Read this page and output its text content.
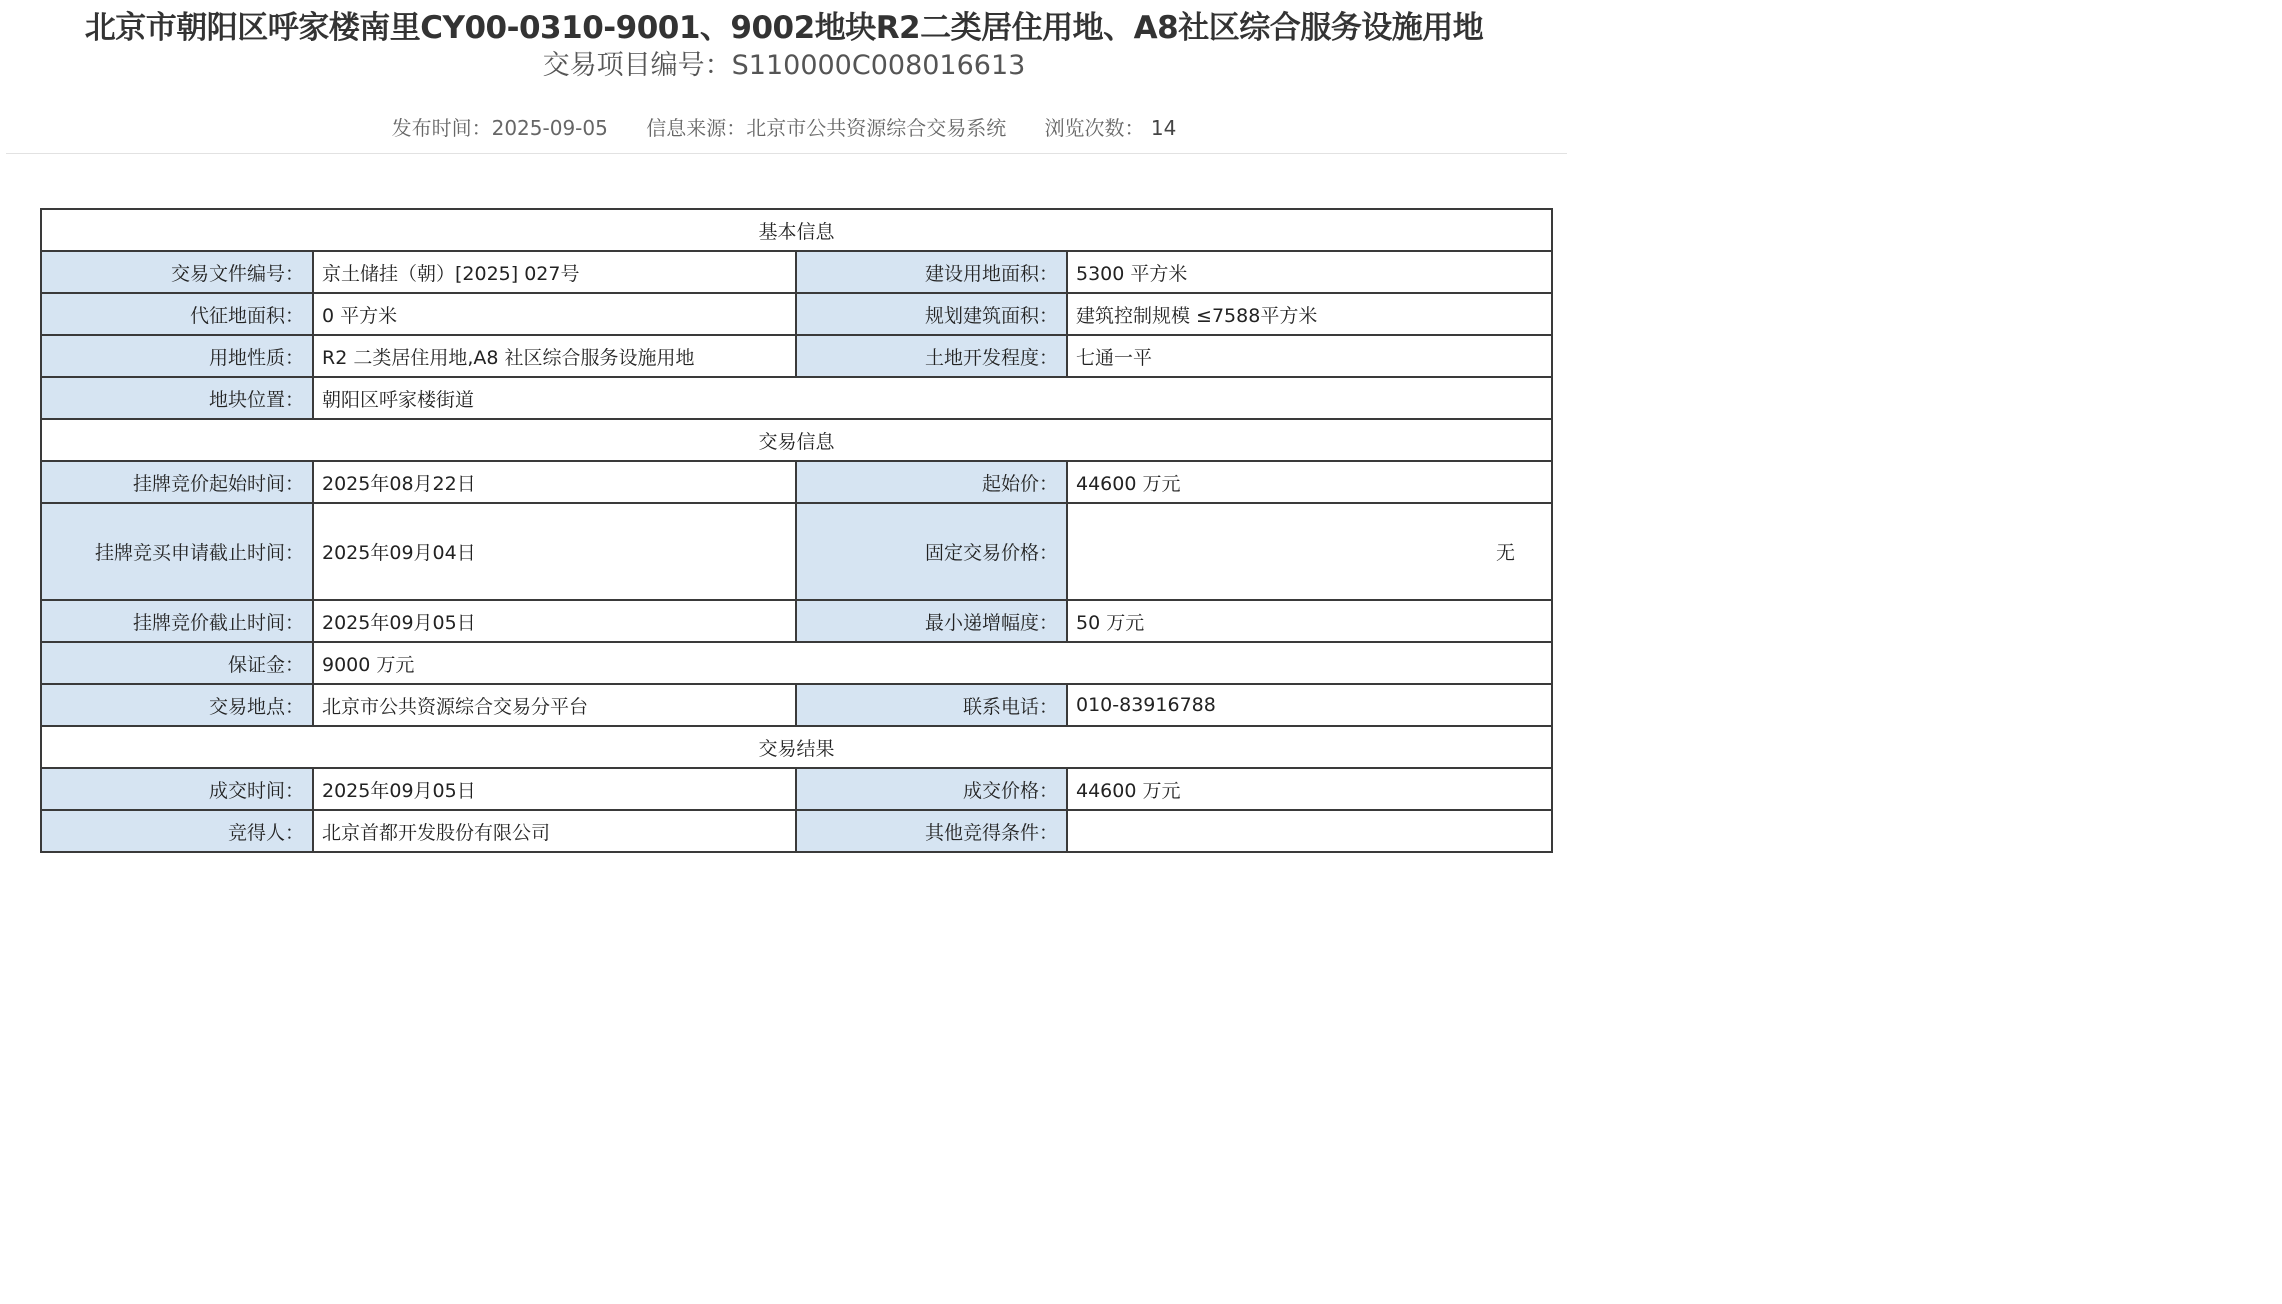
北京市朝阳区呼家楼南里CY00-0310-9001、9002地块R2二类居住用地、A8社区综合服务设施用地

交易项目编号：S110000C008016613

发布时间：2025-09-05 信息来源：北京市公共资源综合交易系统 浏览次数： 14
基本信息			
交易文件编号：	京土储挂（朝）[2025] 027号	建设用地面积：	5300 平方米
代征地面积：	0 平方米	规划建筑面积：	建筑控制规模 ≤7588平方米
用地性质：	R2 二类居住用地,A8 社区综合服务设施用地	土地开发程度：	七通一平
地块位置：	朝阳区呼家楼街道		
交易信息			
挂牌竞价起始时间：	2025年08月22日	起始价：	44600 万元
挂牌竞买申请截止时间：	2025年09月04日	固定交易价格：	无
挂牌竞价截止时间：	2025年09月05日	最小递增幅度：	50 万元
保证金：	9000 万元		
交易地点：	北京市公共资源综合交易分平台	联系电话：	010-83916788
交易结果			
成交时间：	2025年09月05日	成交价格：	44600 万元
竞得人：	北京首都开发股份有限公司	其他竞得条件：	
